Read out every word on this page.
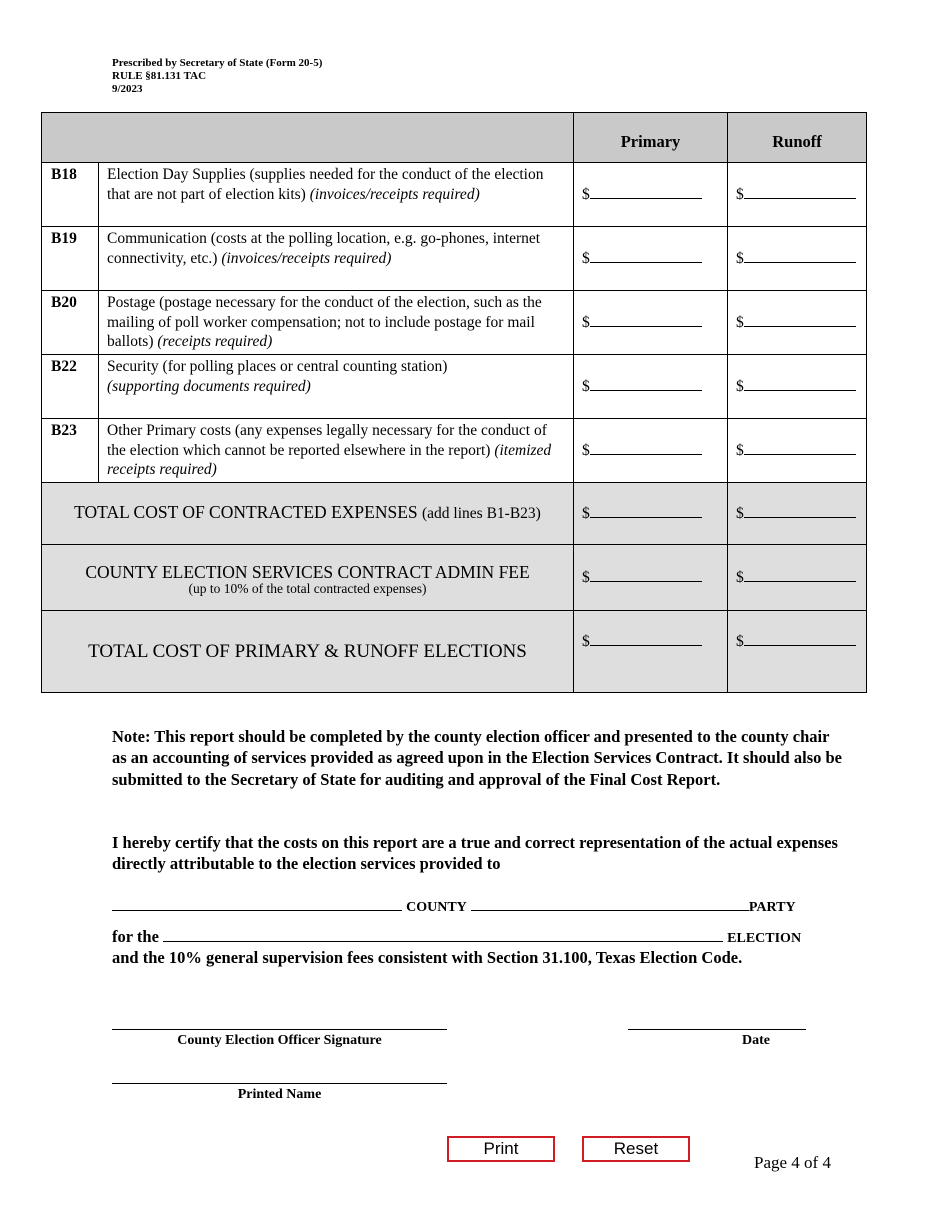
Prescribed by Secretary of State (Form 20-5)
RULE §81.131 TAC
9/2023
		Primary	Runoff
B18	Election Day Supplies (supplies needed for the conduct of the election that are not part of election kits) (invoices/receipts required)	$	$
B19	Communication (costs at the polling location, e.g. go-phones, internet connectivity, etc.) (invoices/receipts required)	$	$
B20	Postage (postage necessary for the conduct of the election, such as the mailing of poll worker compensation; not to include postage for mail ballots) (receipts required)	$	$
B22	Security (for polling places or central counting station)
(supporting documents required)	$	$
B23	Other Primary costs (any expenses legally necessary for the conduct of the election which cannot be reported elsewhere in the report) (itemized receipts required)	$	$
TOTAL COST OF CONTRACTED EXPENSES (add lines B1-B23)		$	$
COUNTY ELECTION SERVICES CONTRACT ADMIN FEE
(up to 10% of the total contracted expenses)		$	$
TOTAL COST OF PRIMARY & RUNOFF ELECTIONS		$	$
Note: This report should be completed by the county election officer and presented to the county chair as an accounting of services provided as agreed upon in the Election Services Contract. It should also be submitted to the Secretary of State for auditing and approval of the Final Cost Report.
I hereby certify that the costs on this report are a true and correct representation of the actual expenses directly attributable to the election services provided to
COUNTY	PARTY
for the	ELECTION
and the 10% general supervision fees consistent with Section 31.100, Texas Election Code.
County Election Officer Signature	Date
Printed Name
Print	Reset
Page 4 of 4
